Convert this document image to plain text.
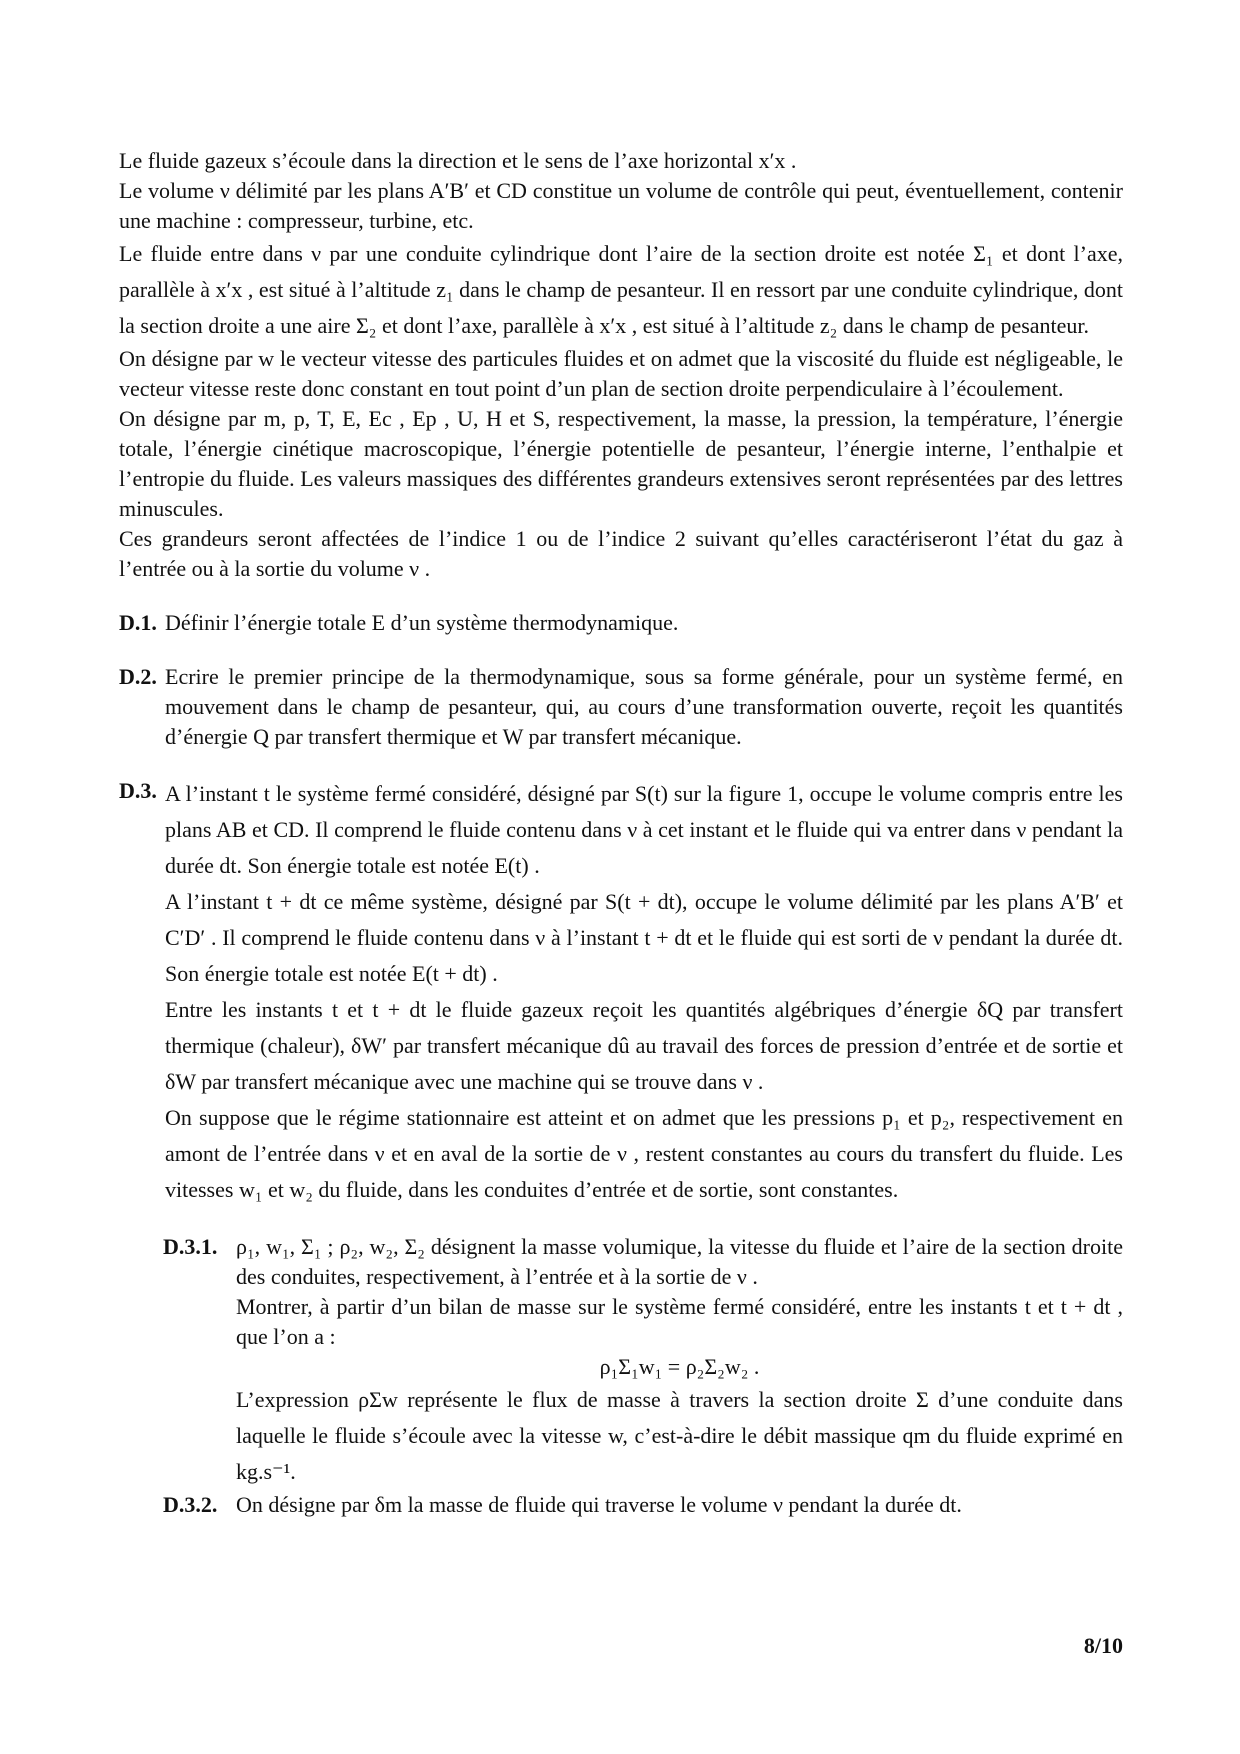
Le fluide gazeux s’écoule dans la direction et le sens de l’axe horizontal x′x .

Le volume ν délimité par les plans A′B′ et CD constitue un volume de contrôle qui peut, éventuellement, contenir une machine : compresseur, turbine, etc.

Le fluide entre dans ν par une conduite cylindrique dont l’aire de la section droite est notée Σ₁ et dont l’axe, parallèle à x′x , est situé à l’altitude z₁ dans le champ de pesanteur. Il en ressort par une conduite cylindrique, dont la section droite a une aire Σ₂ et dont l’axe, parallèle à x′x , est situé à l’altitude z₂ dans le champ de pesanteur.

On désigne par w le vecteur vitesse des particules fluides et on admet que la viscosité du fluide est négligeable, le vecteur vitesse reste donc constant en tout point d’un plan de section droite perpendiculaire à l’écoulement.

On désigne par m, p, T, E, Ec , Ep , U, H et S, respectivement, la masse, la pression, la température, l’énergie totale, l’énergie cinétique macroscopique, l’énergie potentielle de pesanteur, l’énergie interne, l’enthalpie et l’entropie du fluide. Les valeurs massiques des différentes grandeurs extensives seront représentées par des lettres minuscules.

Ces grandeurs seront affectées de l’indice 1 ou de l’indice 2 suivant qu’elles caractériseront l’état du gaz à l’entrée ou à la sortie du volume ν .

D.1. Définir l’énergie totale E d’un système thermodynamique.
D.2. Ecrire le premier principe de la thermodynamique, sous sa forme générale, pour un système fermé, en mouvement dans le champ de pesanteur, qui, au cours d’une transformation ouverte, reçoit les quantités d’énergie Q par transfert thermique et W par transfert mécanique.
D.3. A l’instant t le système fermé considéré, désigné par S(t) sur la figure 1, occupe le volume compris entre les plans AB et CD. Il comprend le fluide contenu dans ν à cet instant et le fluide qui va entrer dans ν pendant la durée dt. Son énergie totale est notée E(t) .

A l’instant t + dt ce même système, désigné par S(t + dt), occupe le volume délimité par les plans A′B′ et C′D′ . Il comprend le fluide contenu dans ν à l’instant t + dt et le fluide qui est sorti de ν pendant la durée dt. Son énergie totale est notée E(t + dt) .

Entre les instants t et t + dt le fluide gazeux reçoit les quantités algébriques d’énergie δQ par transfert thermique (chaleur), δW′ par transfert mécanique dû au travail des forces de pression d’entrée et de sortie et δW par transfert mécanique avec une machine qui se trouve dans ν .

On suppose que le régime stationnaire est atteint et on admet que les pressions p₁ et p₂, respectivement en amont de l’entrée dans ν et en aval de la sortie de ν , restent constantes au cours du transfert du fluide. Les vitesses w₁ et w₂ du fluide, dans les conduites d’entrée et de sortie, sont constantes.

D.3.1. ρ₁, w₁, Σ₁ ; ρ₂, w₂, Σ₂ désignent la masse volumique, la vitesse du fluide et l’aire de la section droite des conduites, respectivement, à l’entrée et à la sortie de ν .

Montrer, à partir d’un bilan de masse sur le système fermé considéré, entre les instants t et t + dt , que l’on a :

ρ₁Σ₁w₁ = ρ₂Σ₂w₂ .

L’expression ρΣw représente le flux de masse à travers la section droite Σ d’une conduite dans laquelle le fluide s’écoule avec la vitesse w, c’est-à-dire le débit massique qm du fluide exprimé en kg.s⁻¹.

D.3.2. On désigne par δm la masse de fluide qui traverse le volume ν pendant la durée dt.
8/10
